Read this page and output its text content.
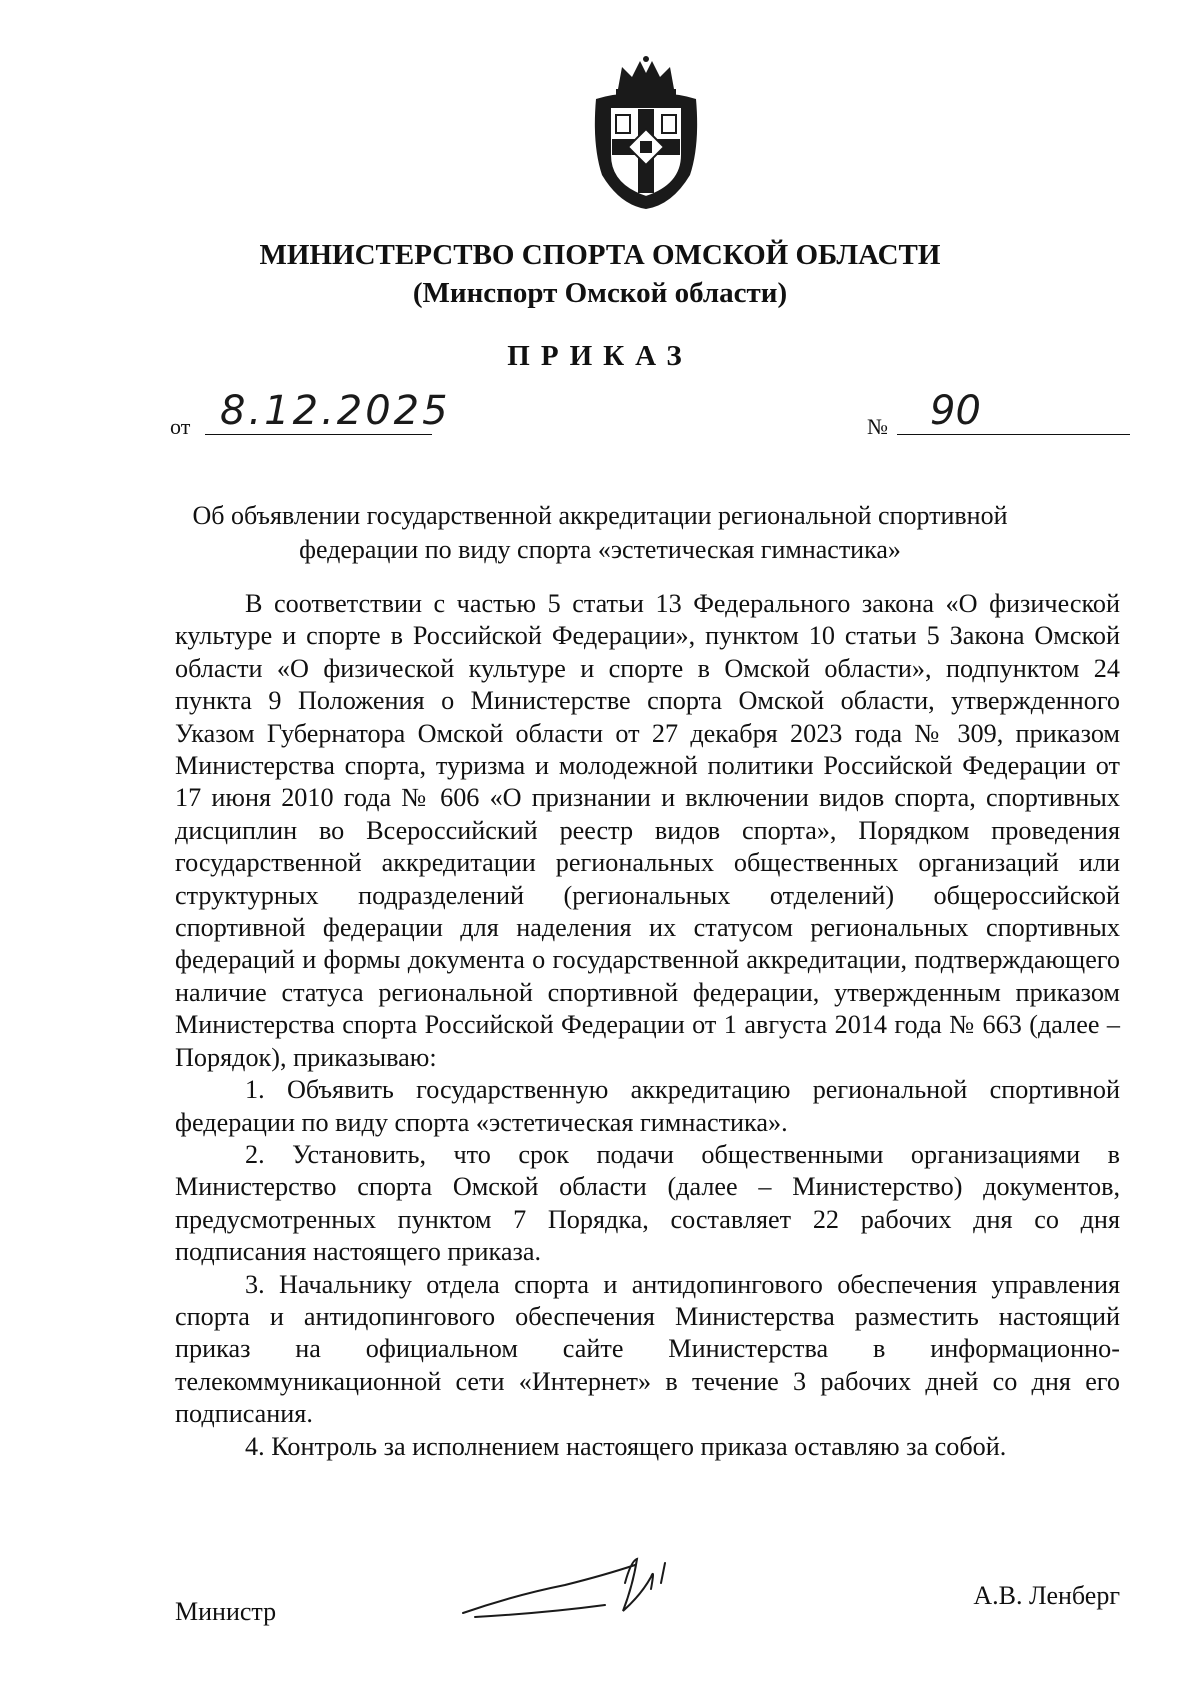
МИНИСТЕРСТВО СПОРТА ОМСКОЙ ОБЛАСТИ
(Минспорт Омской области)
ПРИКАЗ
от 8.12.2025	№ 90
Об объявлении государственной аккредитации региональной спортивной
федерации по виду спорта «эстетическая гимнастика»

В соответствии с частью 5 статьи 13 Федерального закона «О физической культуре и спорте в Российской Федерации», пунктом 10 статьи 5 Закона Омской области «О физической культуре и спорте в Омской области», подпунктом 24 пункта 9 Положения о Министерстве спорта Омской области, утвержденного Указом Губернатора Омской области от 27 декабря 2023 года № 309, приказом Министерства спорта, туризма и молодежной политики Российской Федерации от 17 июня 2010 года № 606 «О признании и включении видов спорта, спортивных дисциплин во Всероссийский реестр видов спорта», Порядком проведения государственной аккредитации региональных общественных организаций или структурных подразделений (региональных отделений) общероссийской спортивной федерации для наделения их статусом региональных спортивных федераций и формы документа о государственной аккредитации, подтверждающего наличие статуса региональной спортивной федерации, утвержденным приказом Министерства спорта Российской Федерации от 1 августа 2014 года № 663 (далее – Порядок), приказываю:

1. Объявить государственную аккредитацию региональной спортивной федерации по виду спорта «эстетическая гимнастика».

2. Установить, что срок подачи общественными организациями в Министерство спорта Омской области (далее – Министерство) документов, предусмотренных пунктом 7 Порядка, составляет 22 рабочих дня со дня подписания настоящего приказа.

3. Начальнику отдела спорта и антидопингового обеспечения управления спорта и антидопингового обеспечения Министерства разместить настоящий приказ на официальном сайте Министерства в информационно-телекоммуникационной сети «Интернет» в течение 3 рабочих дней со дня его подписания.

4. Контроль за исполнением настоящего приказа оставляю за собой.

Министр
А.В. Ленберг
